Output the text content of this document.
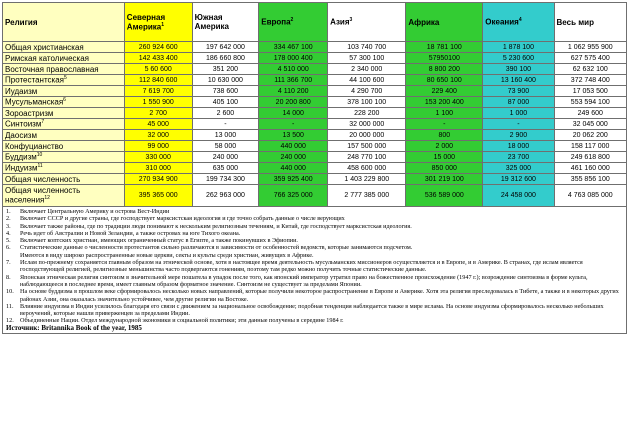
Религия	Северная Америка$^1$	Южная Америка	Европа$^2$	Азия$^3$	Африка	Океания$^4$	Весь мир
Общая христианская	260 924 600	197 642 000	334 467 100	103 740 700	18 781 100	1 878 100	1 062 955 900
Римская католическая	142 433 400	186 660 800	178 000 400	57 300 100	57950100	5 230 600	627 575 400
Восточная православная	5 60 600	351 200	4 510 000	2 340 000	8 800 200	390 100	62 632 100
Протестантская$^5$	112 840 600	10 630 000	111 366 700	44 100 600	80 650 100	13 160 400	372 748 400
Иудаизм	7 619 700	738 600	4 110 200	4 290 700	229 400	73 900	17 053 500
Мусульманская$^6$	1 550 900	405 100	20 200 800	378 100 100	153 200 400	87 000	553 594 100
Зороастризм	2 700	2 600	14 000	228 200	1 100	1 000	249 600
Синтоизм$^7$	45 000	-	-	32 000 000	-	-	32 045 000
Даосизм	32 000	13 000	13 500	20 000 000	800	2 900	20 062 200
Конфуцианство	99 000	58 000	440 000	157 500 000	2 000	18 000	158 117 000
Буддизм$^{10}$	330 000	240 000	240 000	248 770 100	15 000	23 700	249 618 800
Индуизм$^{11}$	310 000	635 000	440 000	458 600 000	850 000	325 000	461 160 000
Общая численность	270 934 900	199 734 300	359 925 400	1 403 229 800	301 219 100	19 312 600	355 856 100
Общая численность населения$^{12}$	395 365 000	262 963 000	766 325 000	2 777 385 000	536 589 000	24 458 000	4 763 085 000
1.	Включает Центральную Америку и острова Вест-Индии
2.	Включает СССР и другие страны, где господствует марксистская идеология и где точно собрать данные о числе верующих
3.	Включает также районы, где по традиции люди понимают к нескольким религиозным течениям, и Китай, где господствует марксистская идеология.
4.	Речь идет об Австралии и Новой Зеландии, а также островах на юге Тихого океана.
5.	Включает коптских христиан, имеющих ограниченный статус в Египте, а также покинувших в Эфиопии.
6.	Статистические данные о численности протестантов сильно различаются в зависимости от особенностей ведомств, которые занимаются подсчетом.
Имеются в виду широко распространенные новые церкви, секты и культы среди христиан, живущих в Африке.
7.	Ислам по-прежнему сохраняется главным образом на этнической основе, хотя в настоящее время деятельность мусульманских миссионеров осуществляется и в Европе, и в Америке. В странах, где ислам является господствующей религией, религиозные меньшинства часто подвергаются гонениям, поэтому там редко можно получить точные статистические данные.
8.	Японская этническая религия синтоизм в значительной мере пошатела в упадок после того, как японский император утратил право на божественное происхождение (1947 г.); возрождение синтоизма в форме культа, наблюдающееся в последнее время, имеет главным образом форматное значение. Синтоизм не существует за пределами Японии.
10.	На основе буддизма в прошлом веке сформировалось несколько новых направлений, которые получили некоторое распространение в Европе и Америке. Хотя эта религия преследовалась в Тибете, а также и в некоторых других районах Азии, она оказалась значительно устойчивее, чем другие религии на Востоке.
11.	Влияние индуизма в Индии усилилось благодаря его связи с движением за национальное освобождение; подобная тенденция наблюдается также в мире ислама. На основе индуизма сформировалось несколько небольших вероучений, которые нашли приверженцев за пределами Индии.
12.	Объединенные Нации. Отдел международной экономики и социальной политики; эти данные получены в середине 1984 г.
Источник: Britannika Book of the year, 1985
